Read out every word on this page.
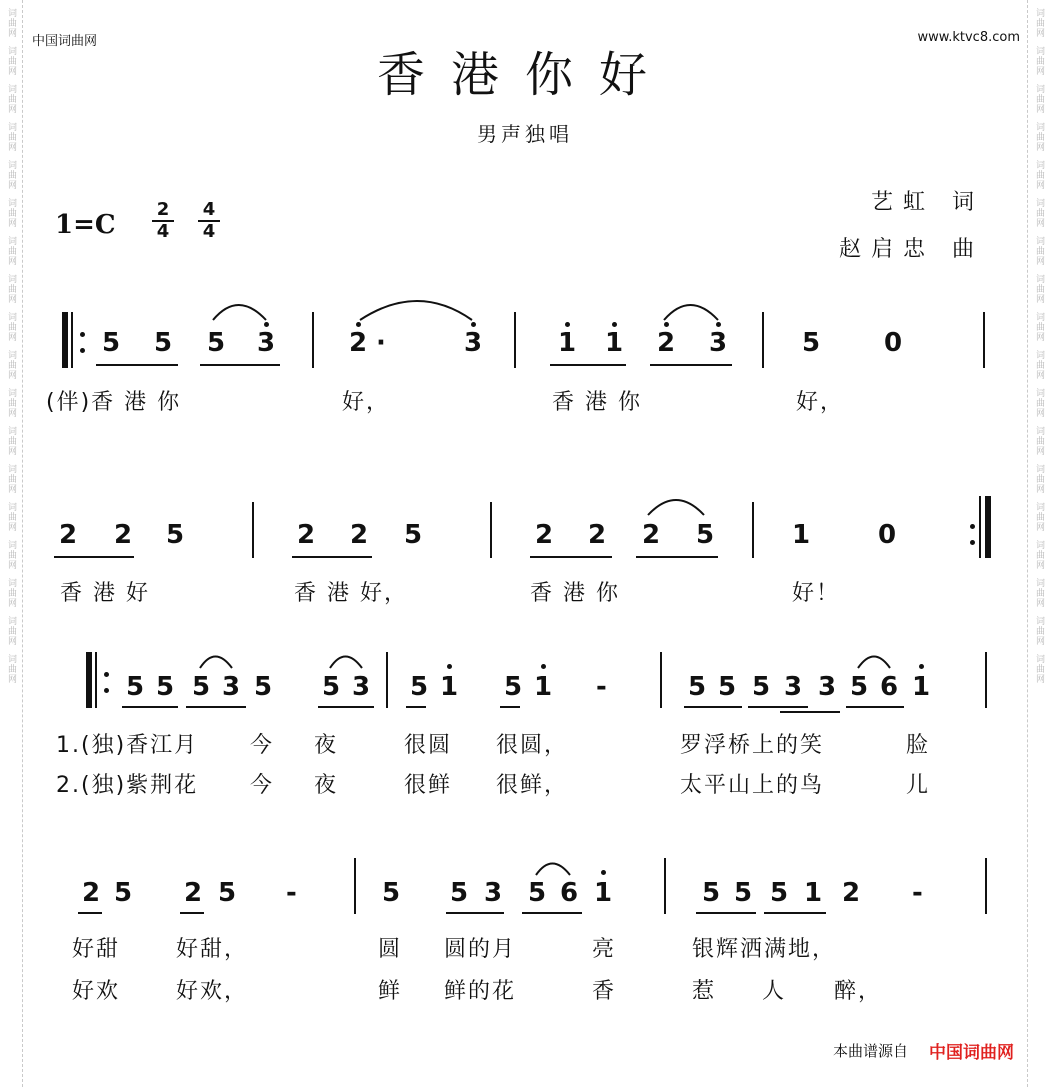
词曲网
词曲网
词曲网
词曲网
词曲网
词曲网
词曲网
词曲网
词曲网
词曲网
词曲网
词曲网
词曲网
词曲网
词曲网
词曲网
词曲网
词曲网
词曲网
词曲网
词曲网
词曲网
词曲网
词曲网
词曲网
词曲网
词曲网
词曲网
词曲网
词曲网
词曲网
词曲网
词曲网
词曲网
词曲网
词曲网
中国词曲网	www.ktvc8.com
香港你好
男声独唱
$1=C \frac{2}{4} \frac{4}{4}$	艺虹 词
赵启忠 曲
5 5 5 3	2 ·	3	1 1 2 3	5 0
(伴)香 港 你	好，	香 港 你	好，
2 2 5	2 2 5	2 2 2 5	1	0
香 港 好	香 港 好，	香 港 你	好！
5 5 5 3 5 5 3 5 1 5 1 -	5 5 5 3 3 5 6 1
1.(独)香江月 今 夜	很圆 很圆，	罗浮桥上的笑	脸
2.(独)紫荆花 今 夜	很鲜 很鲜，	太平山上的鸟	儿
2 5 2 5 -	5 5 3 5 6 1	5 5 5 1 2 -
好甜	好甜，	圆 圆的月	亮	银辉洒满地，
好欢	好欢，	鲜 鲜的花	香	惹 人 醉，
本曲谱源自 中国词曲网
